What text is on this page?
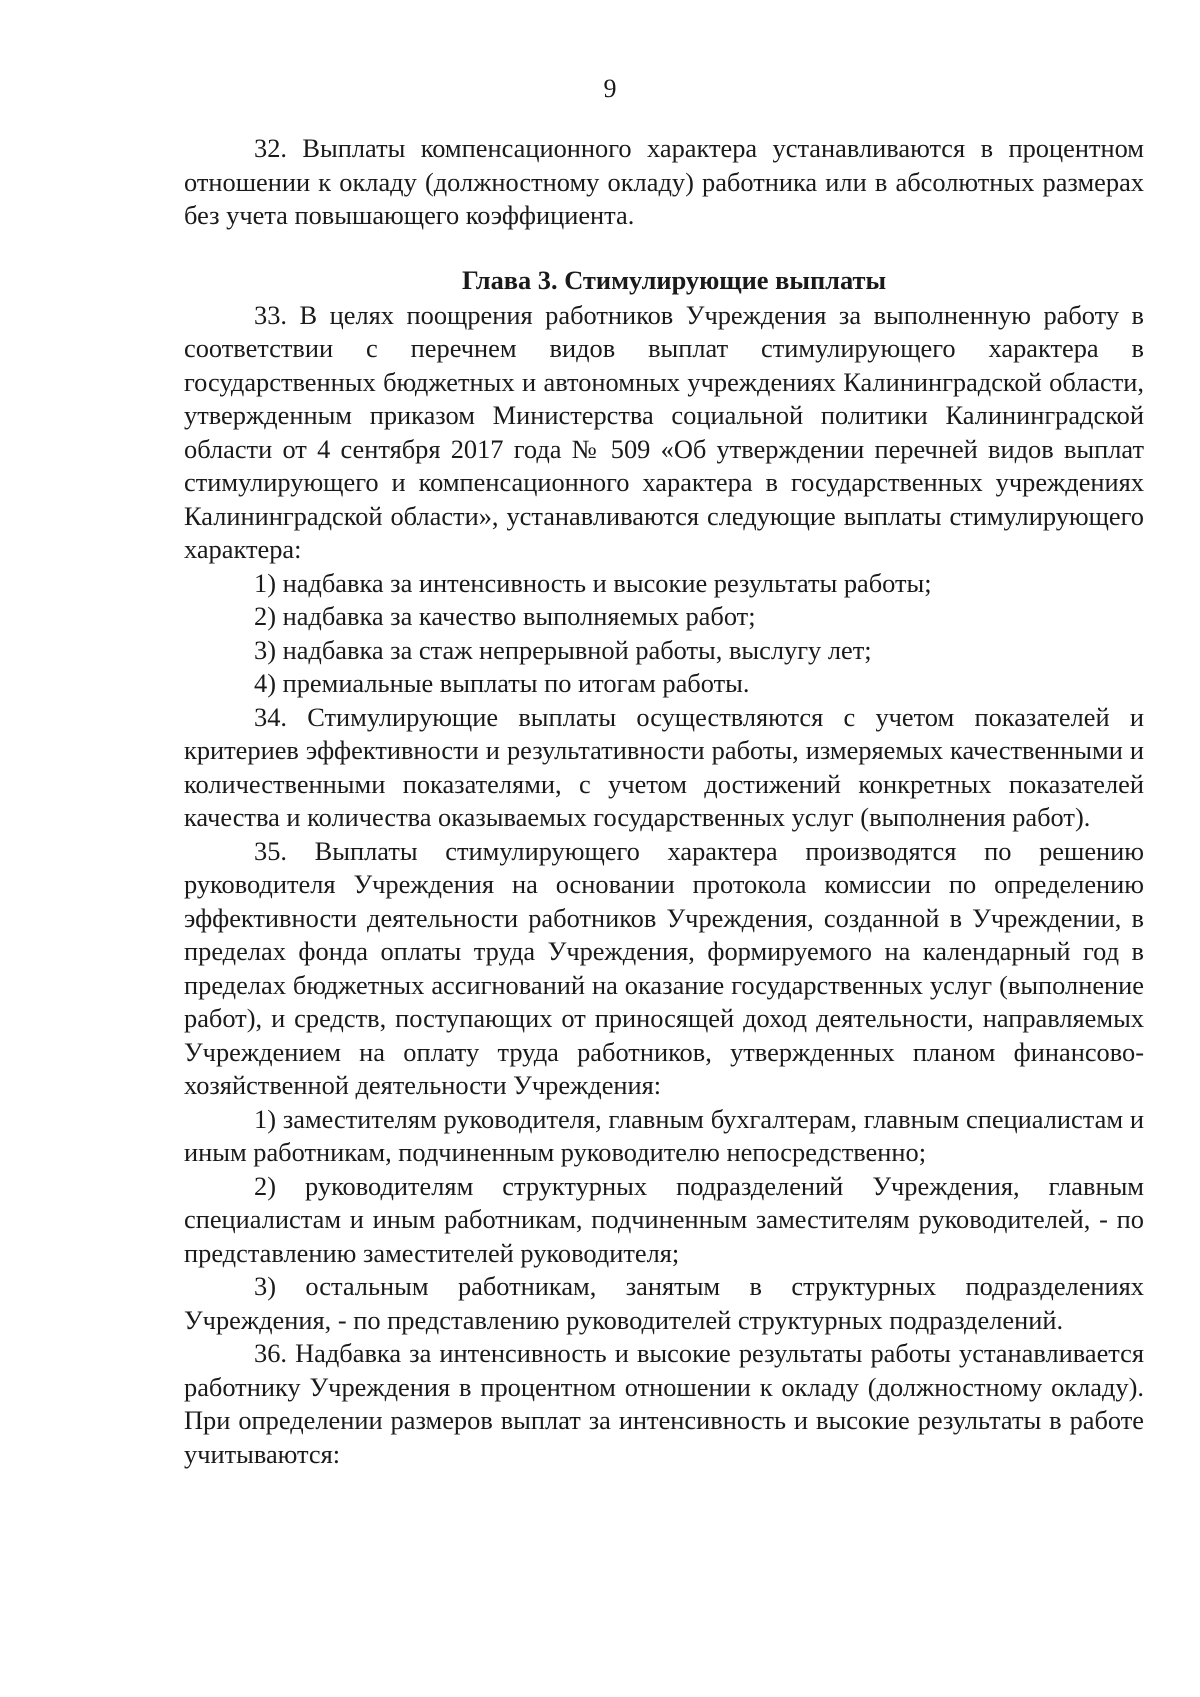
9

32. Выплаты компенсационного характера устанавливаются в процентном отношении к окладу (должностному окладу) работника или в абсолютных размерах без учета повышающего коэффициента.

Глава 3. Стимулирующие выплаты

33. В целях поощрения работников Учреждения за выполненную работу в соответствии с перечнем видов выплат стимулирующего характера в государственных бюджетных и автономных учреждениях Калининградской области, утвержденным приказом Министерства социальной политики Калининградской области от 4 сентября 2017 года № 509 «Об утверждении перечней видов выплат стимулирующего и компенсационного характера в государственных учреждениях Калининградской области», устанавливаются следующие выплаты стимулирующего характера:

1) надбавка за интенсивность и высокие результаты работы;

2) надбавка за качество выполняемых работ;

3) надбавка за стаж непрерывной работы, выслугу лет;

4) премиальные выплаты по итогам работы.

34. Стимулирующие выплаты осуществляются с учетом показателей и критериев эффективности и результативности работы, измеряемых качественными и количественными показателями, с учетом достижений конкретных показателей качества и количества оказываемых государственных услуг (выполнения работ).

35. Выплаты стимулирующего характера производятся по решению руководителя Учреждения на основании протокола комиссии по определению эффективности деятельности работников Учреждения, созданной в Учреждении, в пределах фонда оплаты труда Учреждения, формируемого на календарный год в пределах бюджетных ассигнований на оказание государственных услуг (выполнение работ), и средств, поступающих от приносящей доход деятельности, направляемых Учреждением на оплату труда работников, утвержденных планом финансово-хозяйственной деятельности Учреждения:

1) заместителям руководителя, главным бухгалтерам, главным специалистам и иным работникам, подчиненным руководителю непосредственно;

2) руководителям структурных подразделений Учреждения, главным специалистам и иным работникам, подчиненным заместителям руководителей, - по представлению заместителей руководителя;

3) остальным работникам, занятым в структурных подразделениях Учреждения, - по представлению руководителей структурных подразделений.

36. Надбавка за интенсивность и высокие результаты работы устанавливается работнику Учреждения в процентном отношении к окладу (должностному окладу). При определении размеров выплат за интенсивность и высокие результаты в работе учитываются:
